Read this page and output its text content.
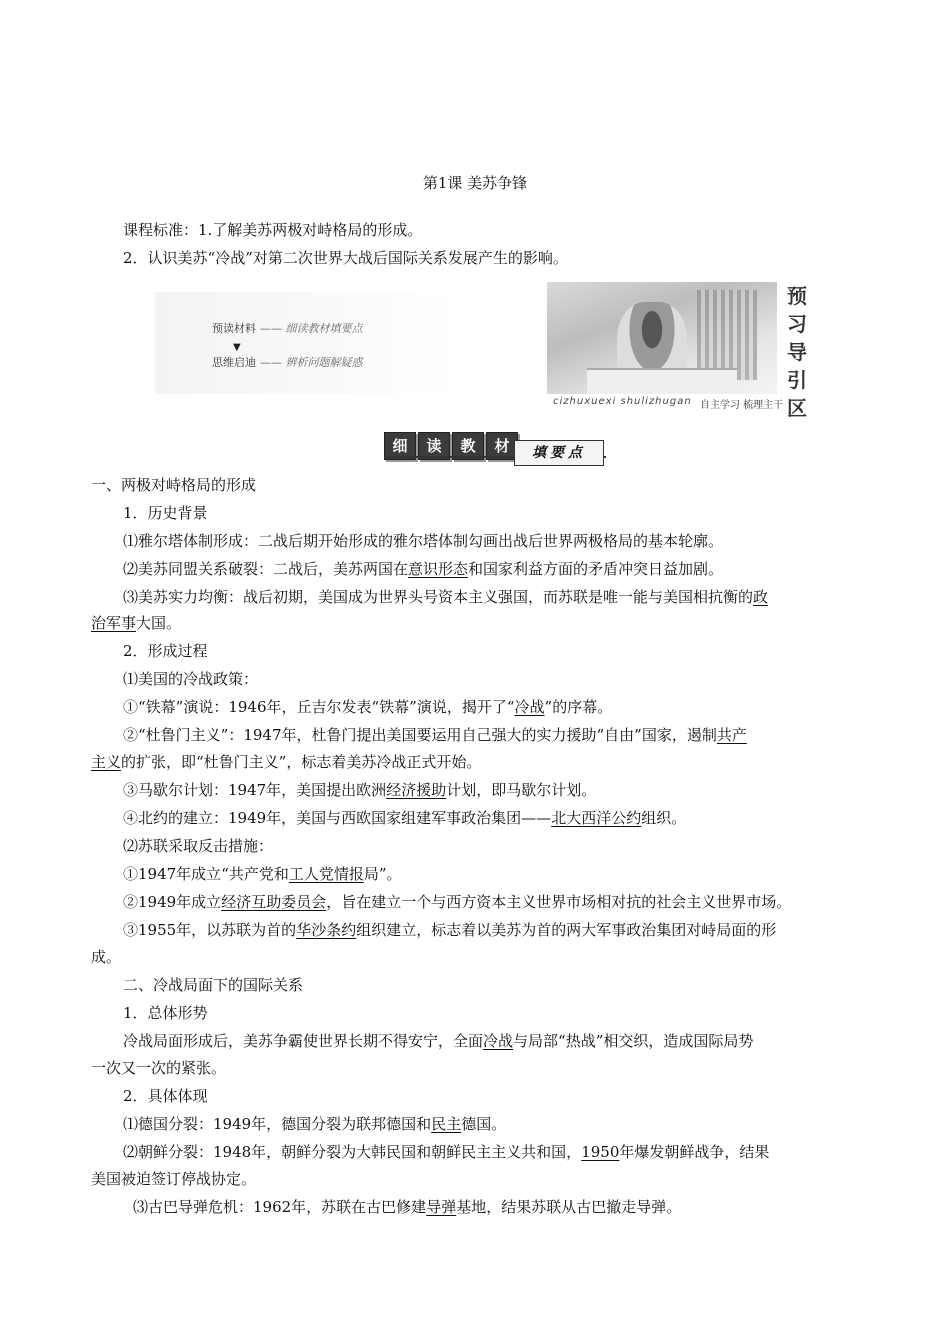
第1课 美苏争锋
课程标准：1.了解美苏两极对峙格局的形成。
2．认识美苏“冷战”对第二次世界大战后国际关系发展产生的影响。
预读材料 —— 细读教材填要点
▼
思维启迪 —— 辨析问题解疑惑
预
习
导
引
区
cizhuxuexi shulizhugan 自主学习 梳理主干
细	读	教	材	填要点
一、两极对峙格局的形成
1．历史背景
⑴雅尔塔体制形成：二战后期开始形成的雅尔塔体制勾画出战后世界两极格局的基本轮廓。
⑵美苏同盟关系破裂：二战后，美苏两国在意识形态和国家利益方面的矛盾冲突日益加剧。
⑶美苏实力均衡：战后初期，美国成为世界头号资本主义强国，而苏联是唯一能与美国相抗衡的政
治军事大国。
2．形成过程
⑴美国的冷战政策：
①“铁幕”演说：1946年，丘吉尔发表“铁幕”演说，揭开了“冷战”的序幕。
②“杜鲁门主义”：1947年，杜鲁门提出美国要运用自己强大的实力援助“自由”国家，遏制共产
主义的扩张，即“杜鲁门主义”，标志着美苏冷战正式开始。
③马歇尔计划：1947年，美国提出欧洲经济援助计划，即马歇尔计划。
④北约的建立：1949年，美国与西欧国家组建军事政治集团——北大西洋公约组织。
⑵苏联采取反击措施：
①1947年成立“共产党和工人党情报局”。
②1949年成立经济互助委员会，旨在建立一个与西方资本主义世界市场相对抗的社会主义世界市场。
③1955年，以苏联为首的华沙条约组织建立，标志着以美苏为首的两大军事政治集团对峙局面的形
成。
二、冷战局面下的国际关系
1．总体形势
冷战局面形成后，美苏争霸使世界长期不得安宁，全面冷战与局部“热战”相交织，造成国际局势
一次又一次的紧张。
2．具体体现
⑴德国分裂：1949年，德国分裂为联邦德国和民主德国。
⑵朝鲜分裂：1948年，朝鲜分裂为大韩民国和朝鲜民主主义共和国，1950年爆发朝鲜战争，结果
美国被迫签订停战协定。
⑶古巴导弹危机：1962年，苏联在古巴修建导弹基地，结果苏联从古巴撤走导弹。
